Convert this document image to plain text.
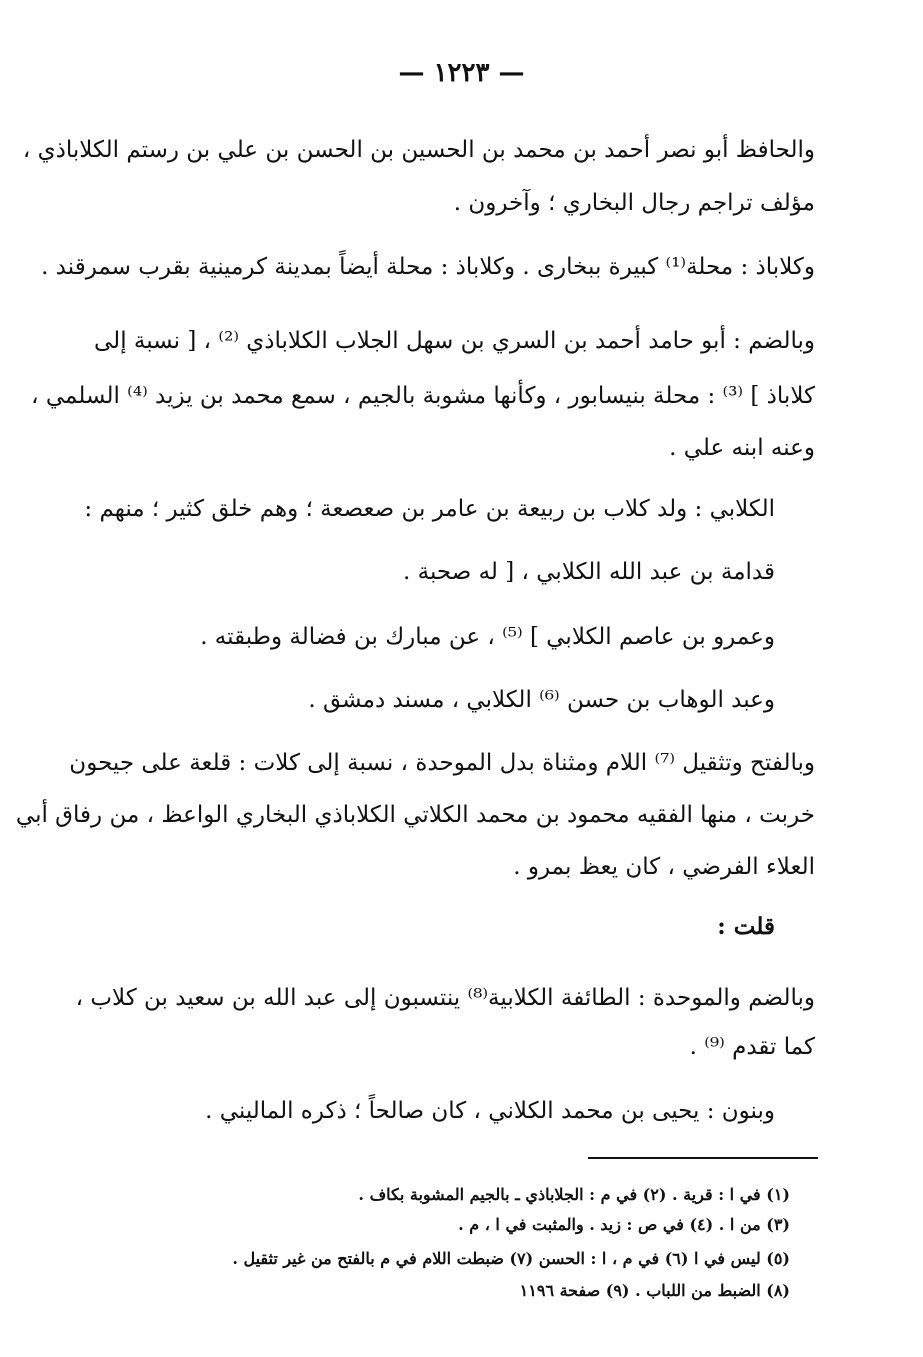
— ١٢٢٣ —
والحافظ أبو نصر أحمد بن محمد بن الحسين بن الحسن بن علي بن رستم الكلاباذي ،
مؤلف تراجم رجال البخاري ؛ وآخرون .
وكلاباذ : محلة⁽¹⁾ كبيرة ببخارى . وكلاباذ : محلة أيضاً بمدينة كرمينية بقرب سمرقند .
وبالضم : أبو حامد أحمد بن السري بن سهل الجلاب الكلاباذي ⁽²⁾ ، [ نسبة إلى
كلاباذ ] ⁽³⁾ : محلة بنيسابور ، وكأنها مشوبة بالجيم ، سمع محمد بن يزيد ⁽⁴⁾ السلمي ،
وعنه ابنه علي .
الكلابي : ولد كلاب بن ربيعة بن عامر بن صعصعة ؛ وهم خلق كثير ؛ منهم :
قدامة بن عبد الله الكلابي ، [ له صحبة .
وعمرو بن عاصم الكلابي ] ⁽⁵⁾ ، عن مبارك بن فضالة وطبقته .
وعبد الوهاب بن حسن ⁽⁶⁾ الكلابي ، مسند دمشق .
وبالفتح وتثقيل ⁽⁷⁾ اللام ومثناة بدل الموحدة ، نسبة إلى كلات : قلعة على جيحون
خربت ، منها الفقيه محمود بن محمد الكلاتي الكلاباذي البخاري الواعظ ، من رفاق أبي
العلاء الفرضي ، كان يعظ بمرو .
قلت :
وبالضم والموحدة : الطائفة الكلابية⁽⁸⁾ ينتسبون إلى عبد الله بن سعيد بن كلاب ،
كما تقدم ⁽⁹⁾ .
وبنون : يحيى بن محمد الكلاني ، كان صالحاً ؛ ذكره الماليني .
(١) في ا : قرية . (٢) في م : الجلاباذي ـ بالجيم المشوبة بكاف .
(٣) من ا . (٤) في ص : زيد . والمثبت في ا ، م .
(٥) ليس في ا (٦) في م ، ا : الحسن (٧) ضبطت اللام في م بالفتح من غير تثقيل .
(٨) الضبط من اللباب . (٩) صفحة ١١٩٦
